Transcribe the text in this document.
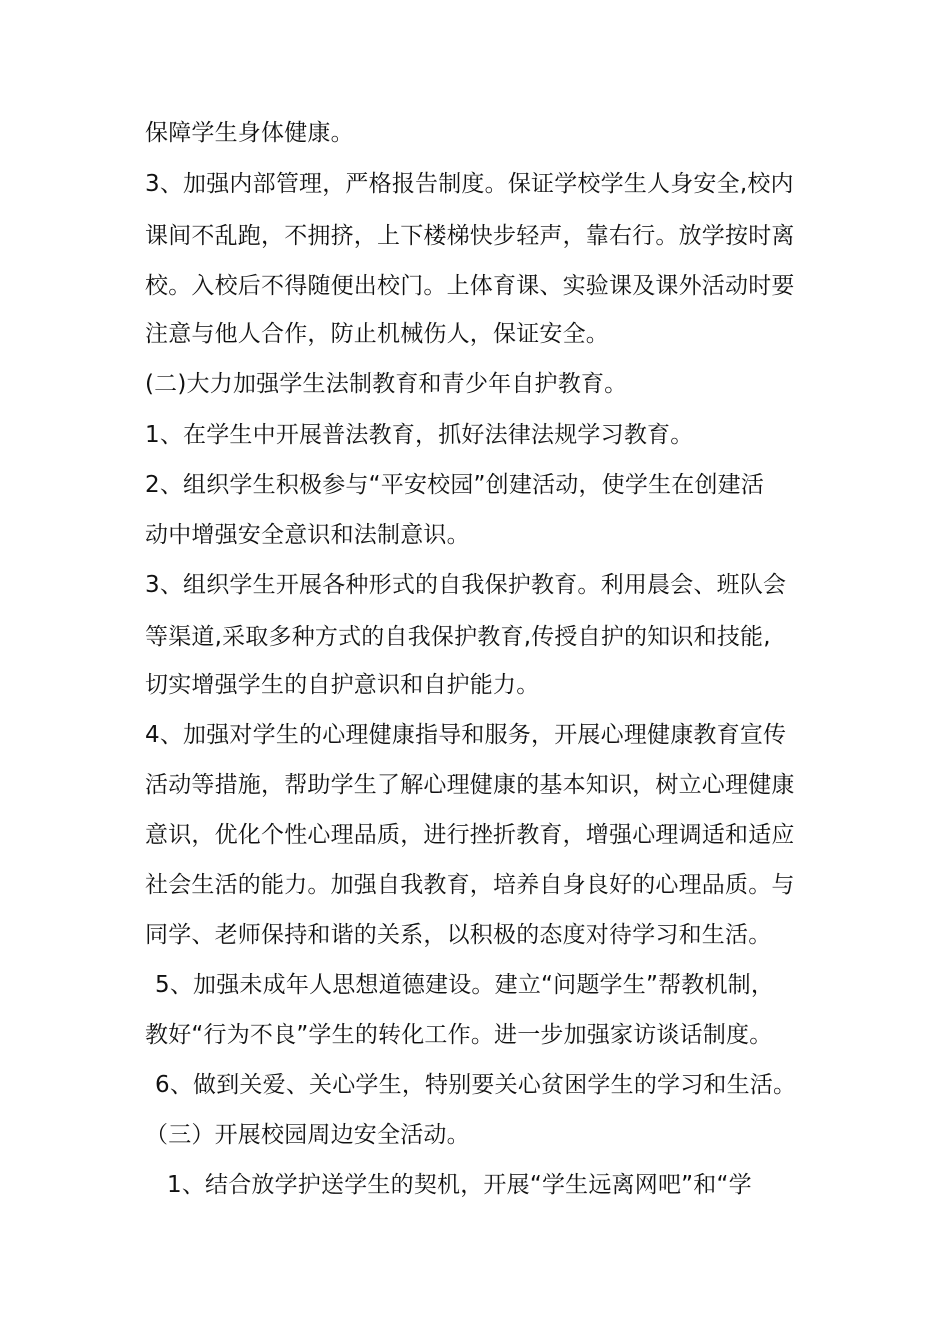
保障学生身体健康。
3、加强内部管理，严格报告制度。保证学校学生人身安全,校内
课间不乱跑，不拥挤，上下楼梯快步轻声，靠右行。放学按时离
校。入校后不得随便出校门。上体育课、实验课及课外活动时要
注意与他人合作，防止机械伤人，保证安全。
(二)大力加强学生法制教育和青少年自护教育。
1、在学生中开展普法教育，抓好法律法规学习教育。
2、组织学生积极参与“平安校园”创建活动，使学生在创建活
动中增强安全意识和法制意识。
3、组织学生开展各种形式的自我保护教育。利用晨会、班队会
等渠道,采取多种方式的自我保护教育,传授自护的知识和技能,
切实增强学生的自护意识和自护能力。
4、加强对学生的心理健康指导和服务，开展心理健康教育宣传
活动等措施，帮助学生了解心理健康的基本知识，树立心理健康
意识，优化个性心理品质，进行挫折教育，增强心理调适和适应
社会生活的能力。加强自我教育，培养自身良好的心理品质。与
同学、老师保持和谐的关系，以积极的态度对待学习和生活。
5、加强未成年人思想道德建设。建立“问题学生”帮教机制，
教好“行为不良”学生的转化工作。进一步加强家访谈话制度。
6、做到关爱、关心学生，特别要关心贫困学生的学习和生活。
（三）开展校园周边安全活动。
1、结合放学护送学生的契机，开展“学生远离网吧”和“学
